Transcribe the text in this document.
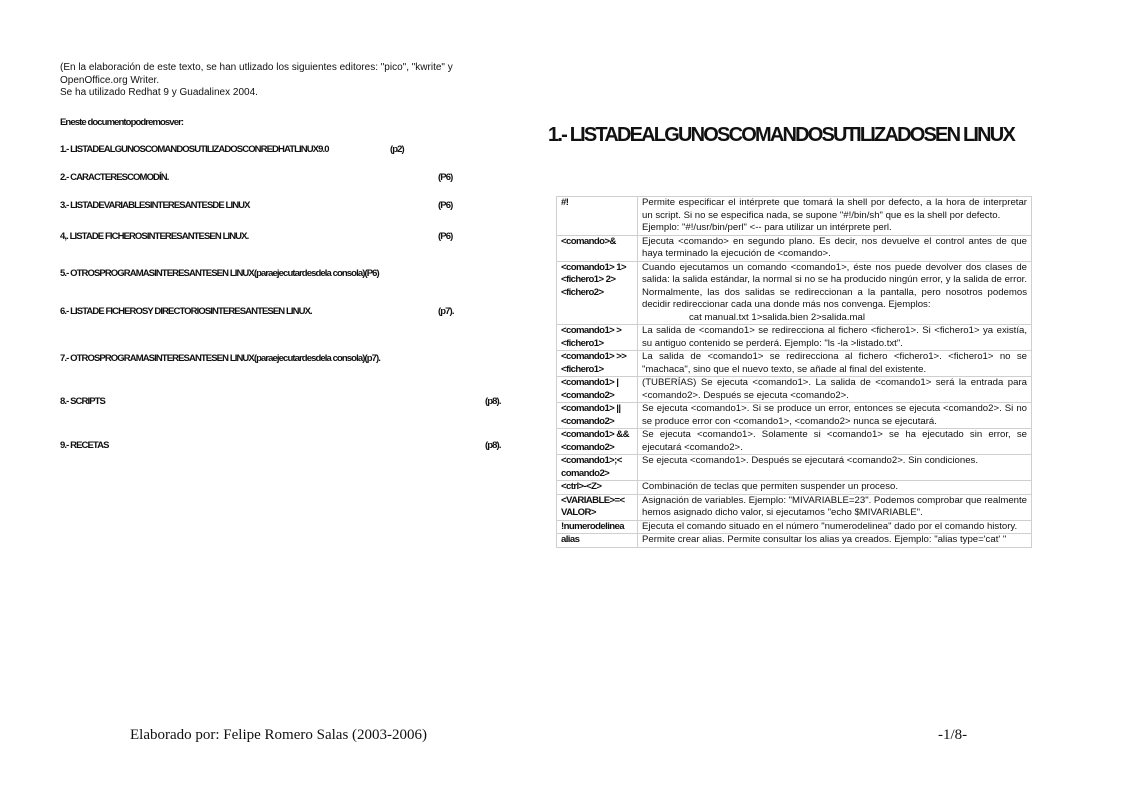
(En la elaboración de este texto, se han utlizado los siguientes editores: "pico", "kwrite" y
OpenOffice.org Writer.
Se ha utilizado Redhat 9 y Guadalinex 2004.
Eneste documentopodremosver:
1.- LISTADEALGUNOSCOMANDOSUTILIZADOSCONREDHATLINUX9.0	(p2)
2.- CARACTERESCOMODÍN.	(P6)
3.- LISTADEVARIABLESINTERESANTESDE LINUX	(P6)
4,. LISTADE FICHEROSINTERESANTESEN LINUX.	(P6)
5.- OTROSPROGRAMASINTERESANTESEN LINUX(paraejecutardesdela consola)(P6)
6.- LISTADE FICHEROSY DIRECTORIOSINTERESANTESEN LINUX.	(p7).
7.- OTROSPROGRAMASINTERESANTESEN LINUX(paraejecutardesdela consola)(p7).
8.- SCRIPTS	(p8).
9.- RECETAS	(p8).
1.- LISTADEALGUNOSCOMANDOSUTILIZADOSEN LINUX
#!	Permite especificar el intérprete que tomará la shell por defecto, a la hora de interpretar un script. Si no se especifica nada, se supone "#!/bin/sh" que es la shell por defecto.
Ejemplo: "#!/usr/bin/perl" <-- para utilizar un intérprete perl.

<comando>&	Ejecuta <comando> en segundo plano. Es decir, nos devuelve el control antes de que haya terminado la ejecución de <comando>.
<comando1> 1><fichero1> 2><fichero2>	Cuando ejecutamos un comando <comando1>, éste nos puede devolver dos clases de salida: la salida estándar, la normal si no se ha producido ningún error, y la salida de error. Normalmente, las dos salidas se redireccionan a la pantalla, pero nosotros podemos decidir redireccionar cada una donde más nos convenga. Ejemplos:
cat manual.txt 1>salida.bien 2>salida.mal

<comando1> > <fichero1>	La salida de <comando1> se redirecciona al fichero <fichero1>. Si <fichero1> ya existía, su antiguo contenido se perderá. Ejemplo: "ls -la >listado.txt".
<comando1> >><fichero1>	La salida de <comando1> se redirecciona al fichero <fichero1>. <fichero1> no se "machaca", sino que el nuevo texto, se añade al final del existente.
<comando1> | <comando2>	(TUBERÍAS) Se ejecuta <comando1>. La salida de <comando1> será la entrada para <comando2>. Después se ejecuta <comando2>.
<comando1> || <comando2>	Se ejecuta <comando1>. Si se produce un error, entonces se ejecuta <comando2>. Si no se produce error con <comando1>, <comando2> nunca se ejecutará.
<comando1> && <comando2>	Se ejecuta <comando1>. Solamente si <comando1> se ha ejecutado sin error, se ejecutará <comando2>.
<comando1>;< comando2>	Se ejecuta <comando1>. Después se ejecutará <comando2>. Sin condiciones.
<ctrl>-<Z>	Combinación de teclas que permiten suspender un proceso.
<VARIABLE>=< VALOR>	Asignación de variables. Ejemplo: "MIVARIABLE=23". Podemos comprobar que realmente hemos asignado dicho valor, si ejecutamos "echo $MIVARIABLE".
!numerodelinea	Ejecuta el comando situado en el número "numerodelinea" dado por el comando history.
alias	Permite crear alias. Permite consultar los alias ya creados. Ejemplo: "alias type='cat' "
Elaborado por: Felipe Romero Salas (2003-2006)	-1/8-
